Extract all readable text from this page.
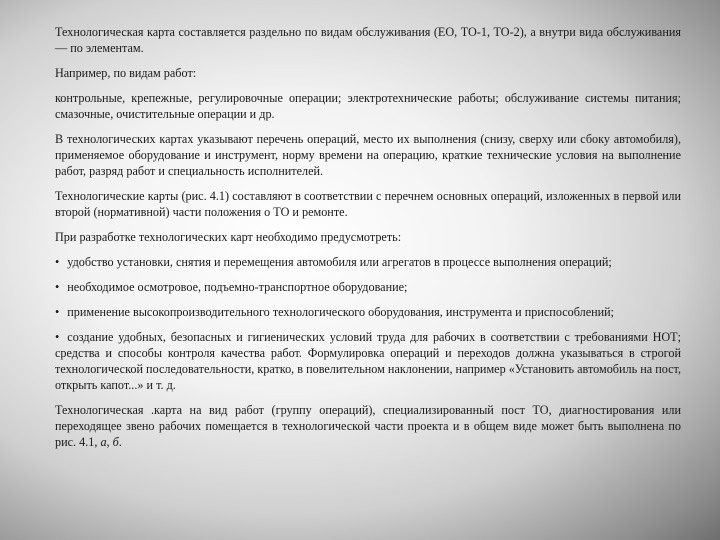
Технологическая карта составляется раздельно по видам обслуживания (ЕО, ТО-1, ТО-2), а внутри вида обслуживания — по элементам.

Например, по видам работ:

контрольные, крепежные, регулировочные операции; электротехнические работы; обслуживание системы питания; смазочные, очистительные операции и др.

В технологических картах указывают перечень операций, место их выполнения (снизу, сверху или сбоку автомобиля), применяемое оборудование и инструмент, норму времени на операцию, краткие технические условия на выполнение работ, разряд работ и специальность исполнителей.

Технологические карты (рис. 4.1) составляют в соответствии с перечнем основных операций, изложенных в первой или второй (нормативной) части положения о ТО и ремонте.

При разработке технологических карт необходимо предусмотреть:

• удобство установки, снятия и перемещения автомобиля или агрегатов в процессе выполнения операций;

• необходимое осмотровое, подъемно-транспортное оборудование;

• применение высокопроизводительного технологического оборудования, инструмента и приспособлений;

• создание удобных, безопасных и гигиенических условий труда для рабочих в соответствии с требованиями НОТ; средства и способы контроля качества работ. Формулировка операций и переходов должна указываться в строгой технологической последовательности, кратко, в повелительном наклонении, например «Установить автомобиль на пост, открыть капот...» и т. д.

Технологическая .карта на вид работ (группу операций), специализированный пост ТО, диагностирования или переходящее звено рабочих помещается в технологической части проекта и в общем виде может быть выполнена по рис. 4.1, а, б.
